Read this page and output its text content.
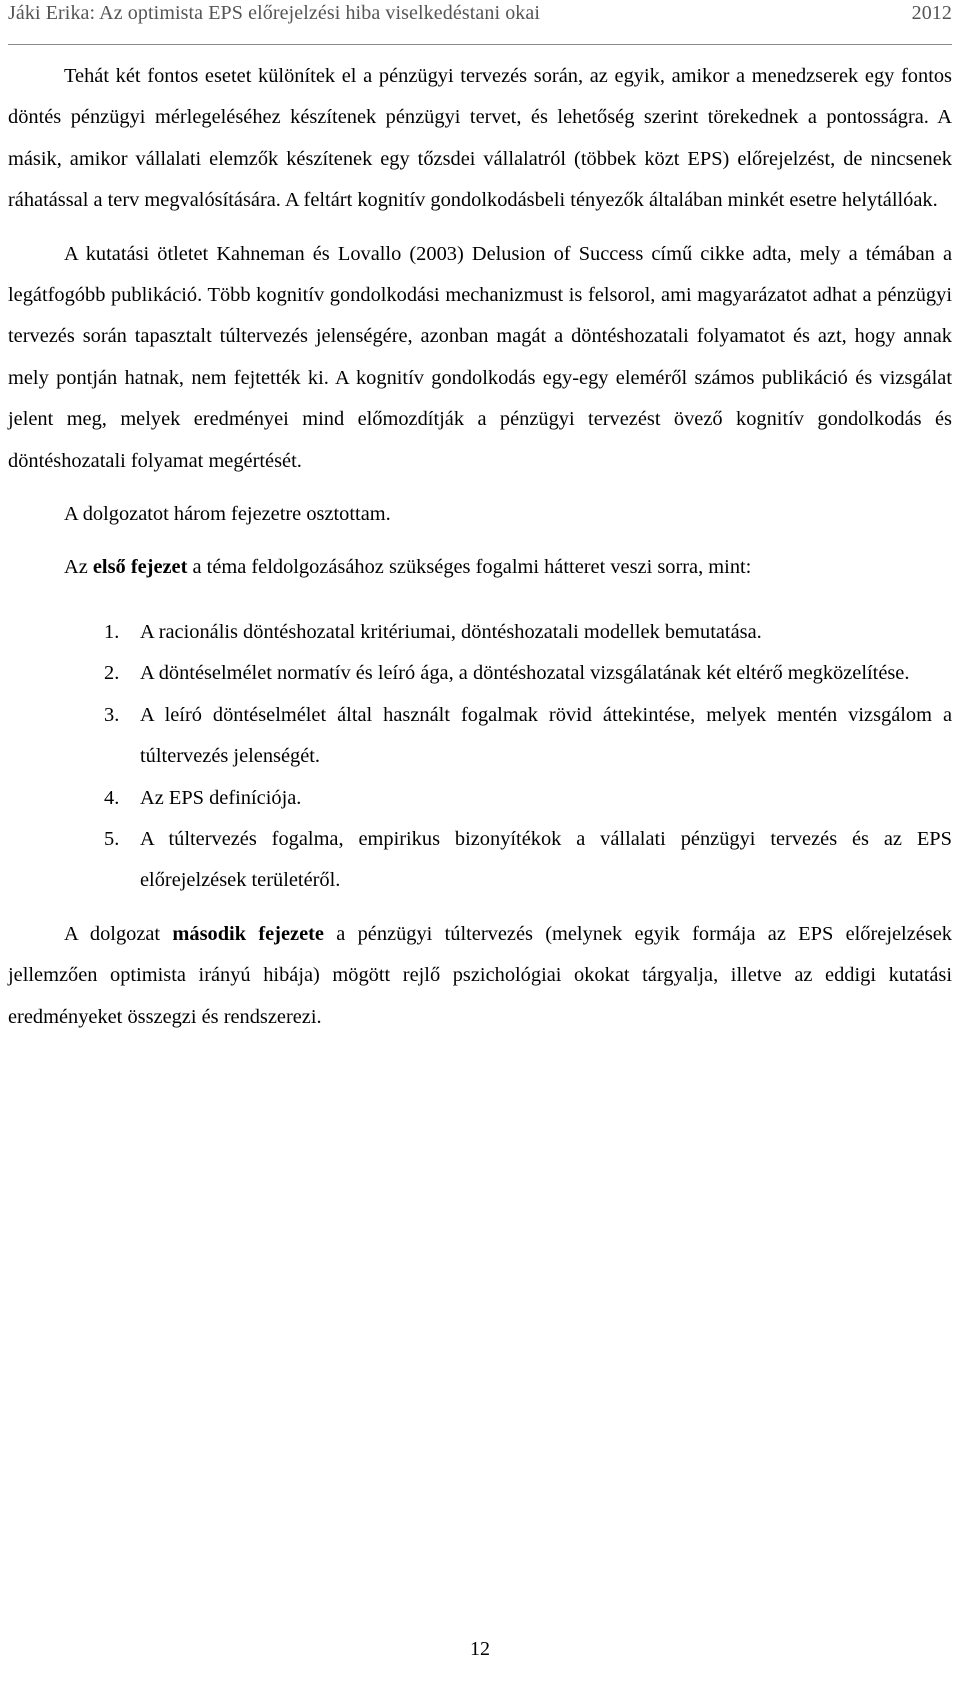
Jáki Erika: Az optimista EPS előrejelzési hiba viselkedéstani okai	2012

Tehát két fontos esetet különítek el a pénzügyi tervezés során, az egyik, amikor a menedzserek egy fontos döntés pénzügyi mérlegeléséhez készítenek pénzügyi tervet, és lehetőség szerint törekednek a pontosságra. A másik, amikor vállalati elemzők készítenek egy tőzsdei vállalatról (többek közt EPS) előrejelzést, de nincsenek ráhatással a terv megvalósítására. A feltárt kognitív gondolkodásbeli tényezők általában minkét esetre helytállóak.

A kutatási ötletet Kahneman és Lovallo (2003) Delusion of Success című cikke adta, mely a témában a legátfogóbb publikáció. Több kognitív gondolkodási mechanizmust is felsorol, ami magyarázatot adhat a pénzügyi tervezés során tapasztalt túltervezés jelenségére, azonban magát a döntéshozatali folyamatot és azt, hogy annak mely pontján hatnak, nem fejtették ki. A kognitív gondolkodás egy-egy eleméről számos publikáció és vizsgálat jelent meg, melyek eredményei mind előmozdítják a pénzügyi tervezést övező kognitív gondolkodás és döntéshozatali folyamat megértését.

A dolgozatot három fejezetre osztottam.

Az első fejezet a téma feldolgozásához szükséges fogalmi hátteret veszi sorra, mint:

1.	A racionális döntéshozatal kritériumai, döntéshozatali modellek bemutatása.
2.	A döntéselmélet normatív és leíró ága, a döntéshozatal vizsgálatának két eltérő megközelítése.
3.	A leíró döntéselmélet által használt fogalmak rövid áttekintése, melyek mentén vizsgálom a túltervezés jelenségét.
4.	Az EPS definíciója.
5.	A túltervezés fogalma, empirikus bizonyítékok a vállalati pénzügyi tervezés és az EPS előrejelzések területéről.

A dolgozat második fejezete a pénzügyi túltervezés (melynek egyik formája az EPS előrejelzések jellemzően optimista irányú hibája) mögött rejlő pszichológiai okokat tárgyalja, illetve az eddigi kutatási eredményeket összegzi és rendszerezi.

12
